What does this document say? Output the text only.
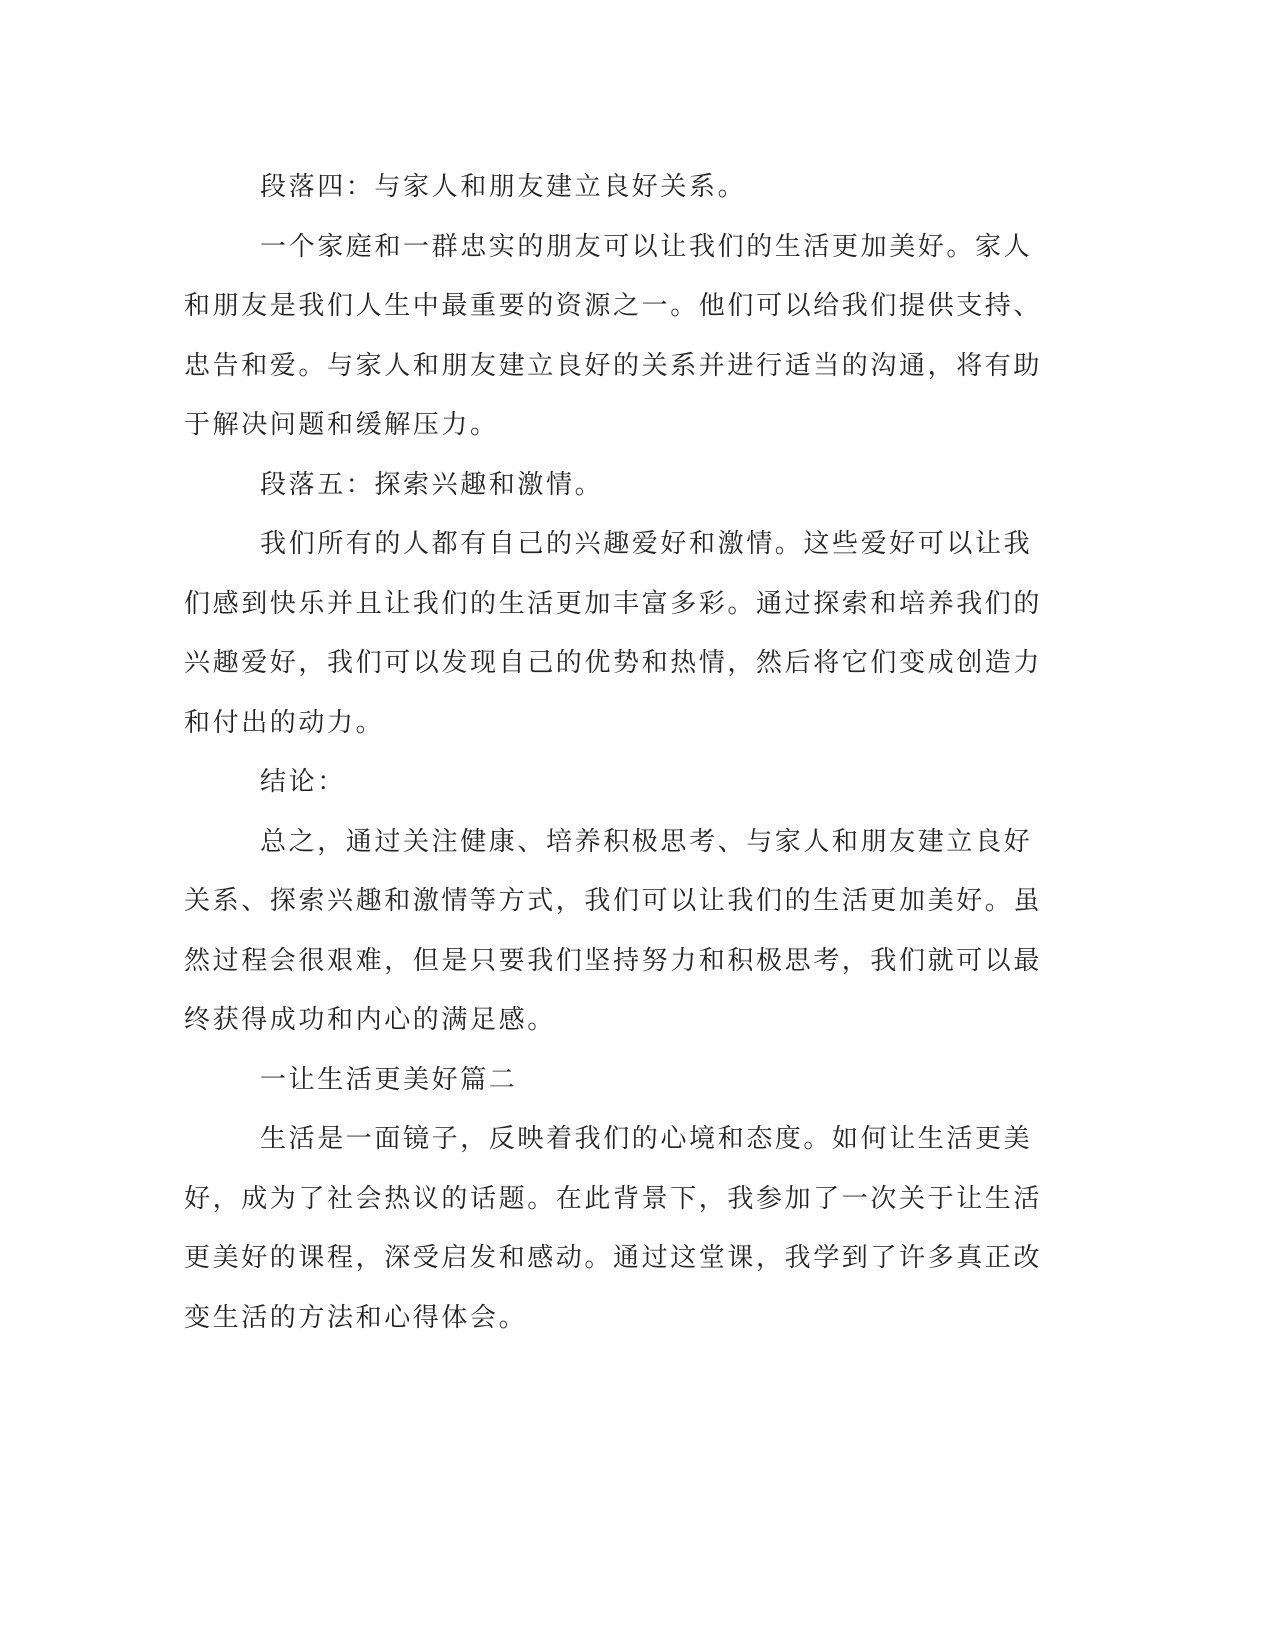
段落四：与家人和朋友建立良好关系。

一个家庭和一群忠实的朋友可以让我们的生活更加美好。家人和朋友是我们人生中最重要的资源之一。他们可以给我们提供支持、忠告和爱。与家人和朋友建立良好的关系并进行适当的沟通，将有助于解决问题和缓解压力。

段落五：探索兴趣和激情。

我们所有的人都有自己的兴趣爱好和激情。这些爱好可以让我们感到快乐并且让我们的生活更加丰富多彩。通过探索和培养我们的兴趣爱好，我们可以发现自己的优势和热情，然后将它们变成创造力和付出的动力。

结论：

总之，通过关注健康、培养积极思考、与家人和朋友建立良好关系、探索兴趣和激情等方式，我们可以让我们的生活更加美好。虽然过程会很艰难，但是只要我们坚持努力和积极思考，我们就可以最终获得成功和内心的满足感。

一让生活更美好篇二

生活是一面镜子，反映着我们的心境和态度。如何让生活更美好，成为了社会热议的话题。在此背景下，我参加了一次关于让生活更美好的课程，深受启发和感动。通过这堂课，我学到了许多真正改变生活的方法和心得体会。
